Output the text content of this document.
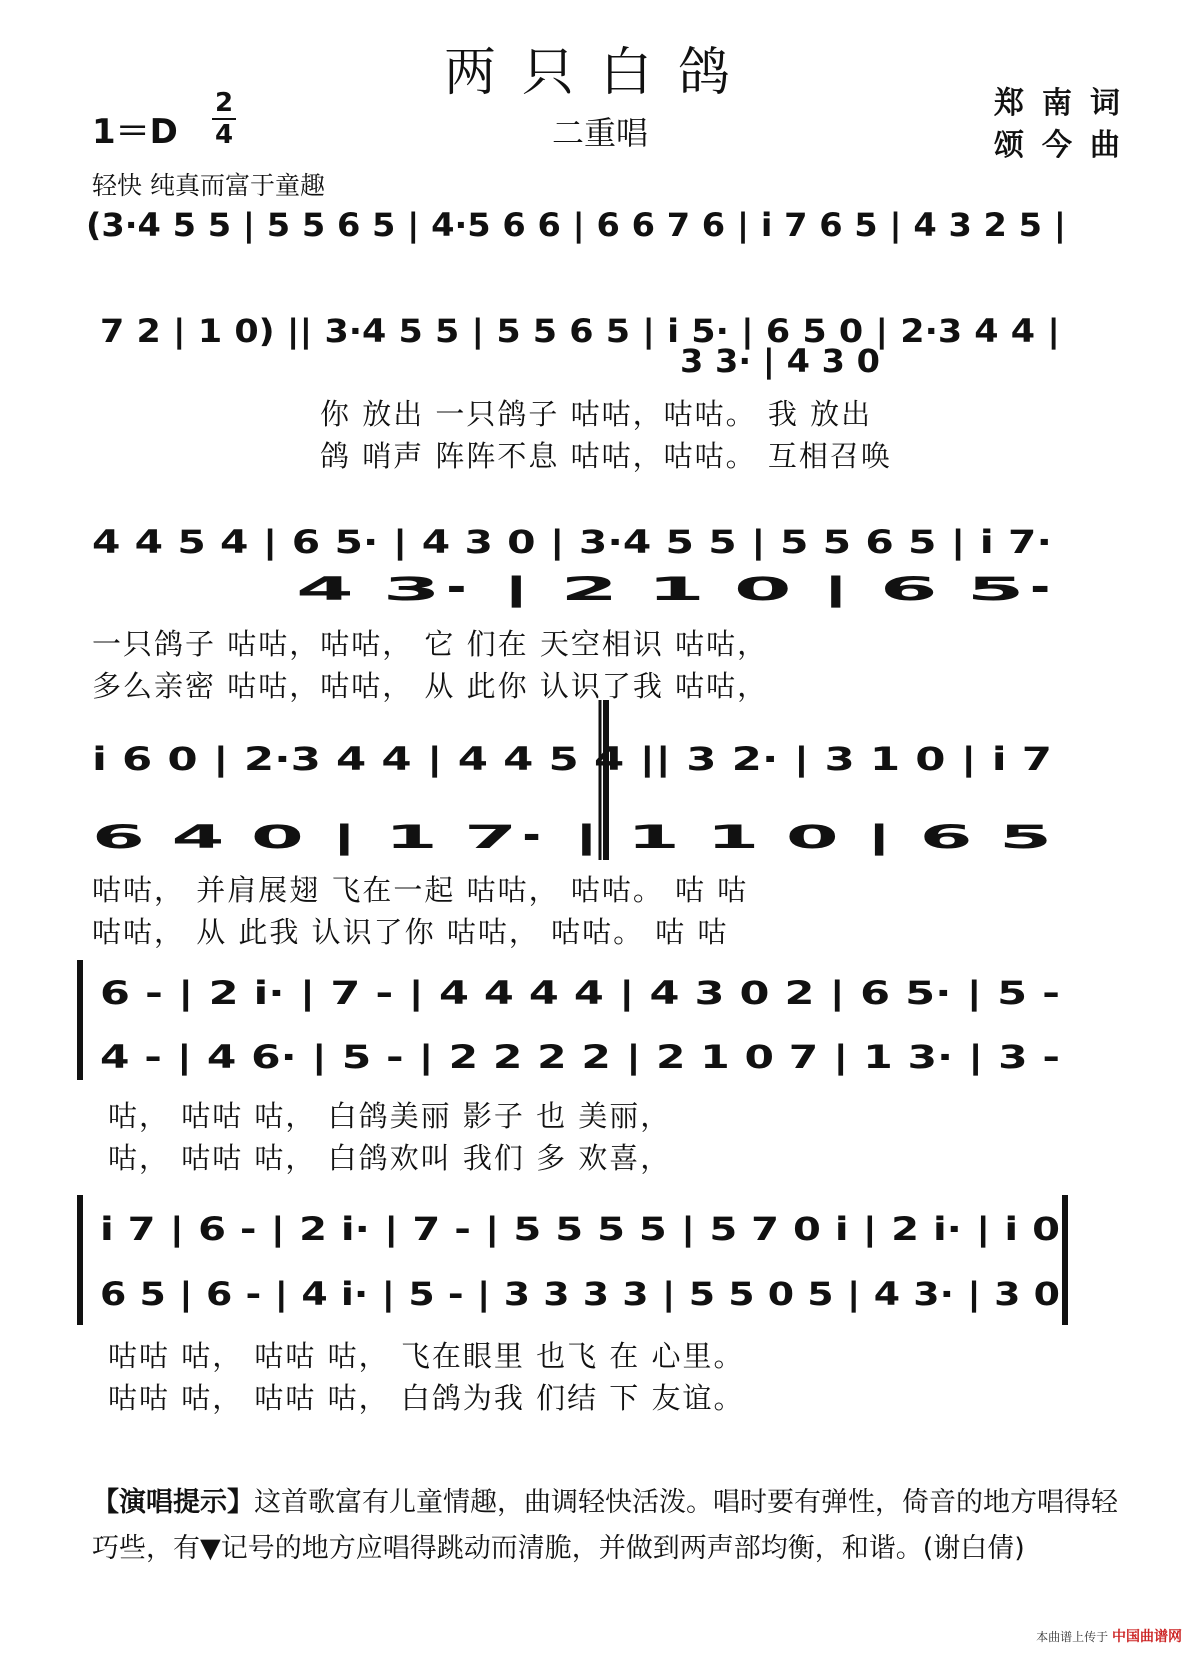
两只白鸽
二重唱
郑南词
颂今曲
1＝D
2
4
轻快 纯真而富于童趣
(3·4 5 5 | 5 5 6 5 | 4·5 6 6 | 6 6 7 6 | i 7 6 5 | 4 3 2 5 |
7 2 | 1 0) || 3·4 5 5 | 5 5 6 5 | i 5· | 6 5 0 | 2·3 4 4 |
3 3· | 4 3 0
4 4 5 4 | 6 5· | 4 3 0 | 3·4 5 5 | 5 5 6 5 | i 7·
4 3· | 2 1 0 | 6 5·
i 6 0 | 2·3 4 4 | 4 4 5 4 || 3 2· | 3 1 0 | i 7
6 4 0 | 1 7· | 1 1 0 | 6 5
6 - | 2 i· | 7 - | 4 4 4 4 | 4 3 0 2 | 6 5· | 5 -
4 - | 4 6· | 5 - | 2 2 2 2 | 2 1 0 7 | 1 3· | 3 -
i 7 | 6 - | 2 i· | 7 - | 5 5 5 5 | 5 7 0 i | 2 i· | i 0
6 5 | 6 - | 4 i· | 5 - | 3 3 3 3 | 5 5 0 5 | 4 3· | 3 0
你 放出 一只鸽子 咕咕，咕咕。 我 放出
鸽 哨声 阵阵不息 咕咕，咕咕。 互相召唤
一只鸽子 咕咕，咕咕， 它 们在 天空相识 咕咕，
多么亲密 咕咕，咕咕， 从 此你 认识了我 咕咕，
咕咕， 并肩展翅 飞在一起 咕咕， 咕咕。 咕 咕
咕咕， 从 此我 认识了你 咕咕， 咕咕。 咕 咕
咕， 咕咕 咕， 白鸽美丽 影子 也 美丽，
咕， 咕咕 咕， 白鸽欢叫 我们 多 欢喜，
咕咕 咕， 咕咕 咕， 飞在眼里 也飞 在 心里。
咕咕 咕， 咕咕 咕， 白鸽为我 们结 下 友谊。
【演唱提示】这首歌富有儿童情趣，曲调轻快活泼。唱时要有弹性，倚音的地方唱得轻巧些，有▼记号的地方应唱得跳动而清脆，并做到两声部均衡，和谐。(谢白倩)
本曲谱上传于 中国曲谱网
